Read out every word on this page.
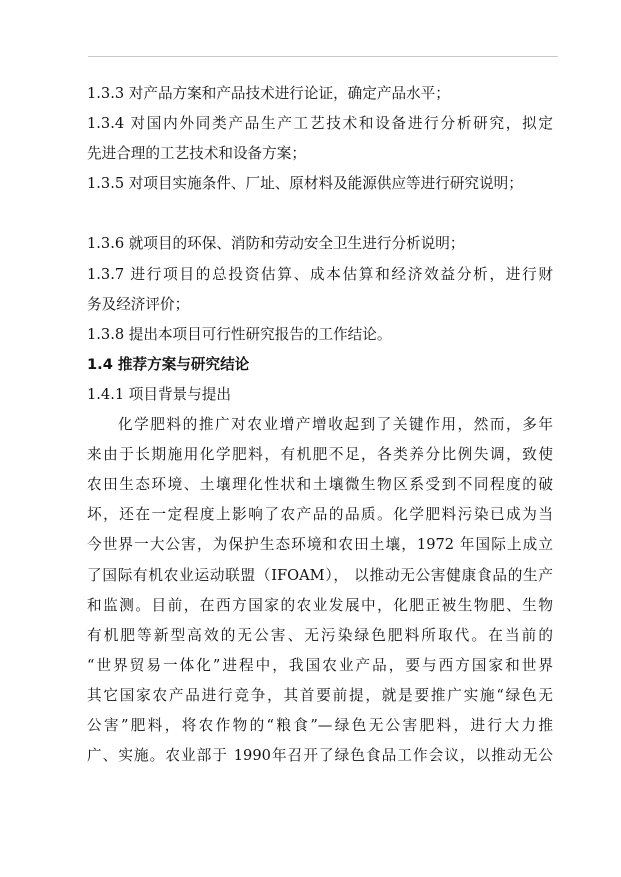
1.3.3 对产品方案和产品技术进行论证，确定产品水平；
1.3.4 对国内外同类产品生产工艺技术和设备进行分析研究，拟定
先进合理的工艺技术和设备方案；
1.3.5 对项目实施条件、厂址、原材料及能源供应等进行研究说明；
1.3.6 就项目的环保、消防和劳动安全卫生进行分析说明；
1.3.7 进行项目的总投资估算、成本估算和经济效益分析，进行财
务及经济评价；
1.3.8 提出本项目可行性研究报告的工作结论。
1.4 推荐方案与研究结论
1.4.1 项目背景与提出
化学肥料的推广对农业增产增收起到了关键作用，然而，多年
来由于长期施用化学肥料，有机肥不足，各类养分比例失调，致使
农田生态环境、土壤理化性状和土壤微生物区系受到不同程度的破
坏，还在一定程度上影响了农产品的品质。化学肥料污染已成为当
今世界一大公害，为保护生态环境和农田土壤，1972 年国际上成立
了国际有机农业运动联盟（IFOAM）， 以推动无公害健康食品的生产
和监测。目前，在西方国家的农业发展中，化肥正被生物肥、生物
有机肥等新型高效的无公害、无污染绿色肥料所取代。在当前的
“世界贸易一体化”进程中，我国农业产品，要与西方国家和世界
其它国家农产品进行竞争，其首要前提，就是要推广实施“绿色无
公害”肥料，将农作物的“粮食”—绿色无公害肥料，进行大力推
广、实施。农业部于 1990年召开了绿色食品工作会议，以推动无公
